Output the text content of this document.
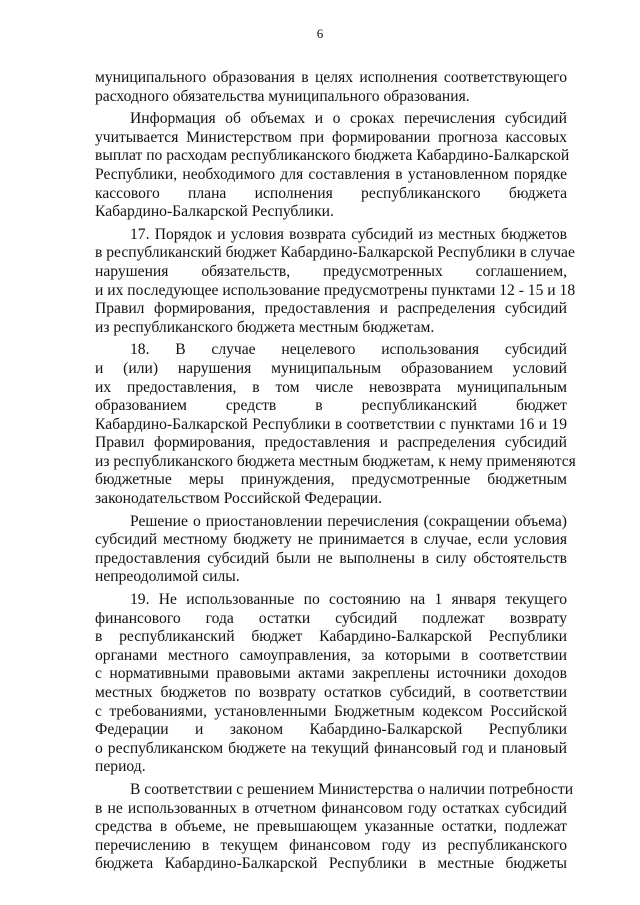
6
муниципального образования в целях исполнения соответствующего
расходного обязательства муниципального образования.
Информация об объемах и о сроках перечисления субсидий
учитывается Министерством при формировании прогноза кассовых
выплат по расходам республиканского бюджета Кабардино-Балкарской
Республики, необходимого для составления в установленном порядке
кассового плана исполнения республиканского бюджета
Кабардино-Балкарской Республики.
17. Порядок и условия возврата субсидий из местных бюджетов
в республиканский бюджет Кабардино-Балкарской Республики в случае
нарушения обязательств, предусмотренных соглашением,
и их последующее использование предусмотрены пунктами 12 - 15 и 18
Правил формирования, предоставления и распределения субсидий
из республиканского бюджета местным бюджетам.
18. В случае нецелевого использования субсидий
и (или) нарушения муниципальным образованием условий
их предоставления, в том числе невозврата муниципальным
образованием средств в республиканский бюджет
Кабардино-Балкарской Республики в соответствии с пунктами 16 и 19
Правил формирования, предоставления и распределения субсидий
из республиканского бюджета местным бюджетам, к нему применяются
бюджетные меры принуждения, предусмотренные бюджетным
законодательством Российской Федерации.
Решение о приостановлении перечисления (сокращении объема)
субсидий местному бюджету не принимается в случае, если условия
предоставления субсидий были не выполнены в силу обстоятельств
непреодолимой силы.
19. Не использованные по состоянию на 1 января текущего
финансового года остатки субсидий подлежат возврату
в республиканский бюджет Кабардино-Балкарской Республики
органами местного самоуправления, за которыми в соответствии
с нормативными правовыми актами закреплены источники доходов
местных бюджетов по возврату остатков субсидий, в соответствии
с требованиями, установленными Бюджетным кодексом Российской
Федерации и законом Кабардино-Балкарской Республики
о республиканском бюджете на текущий финансовый год и плановый
период.
В соответствии с решением Министерства о наличии потребности
в не использованных в отчетном финансовом году остатках субсидий
средства в объеме, не превышающем указанные остатки, подлежат
перечислению в текущем финансовом году из республиканского
бюджета Кабардино-Балкарской Республики в местные бюджеты
